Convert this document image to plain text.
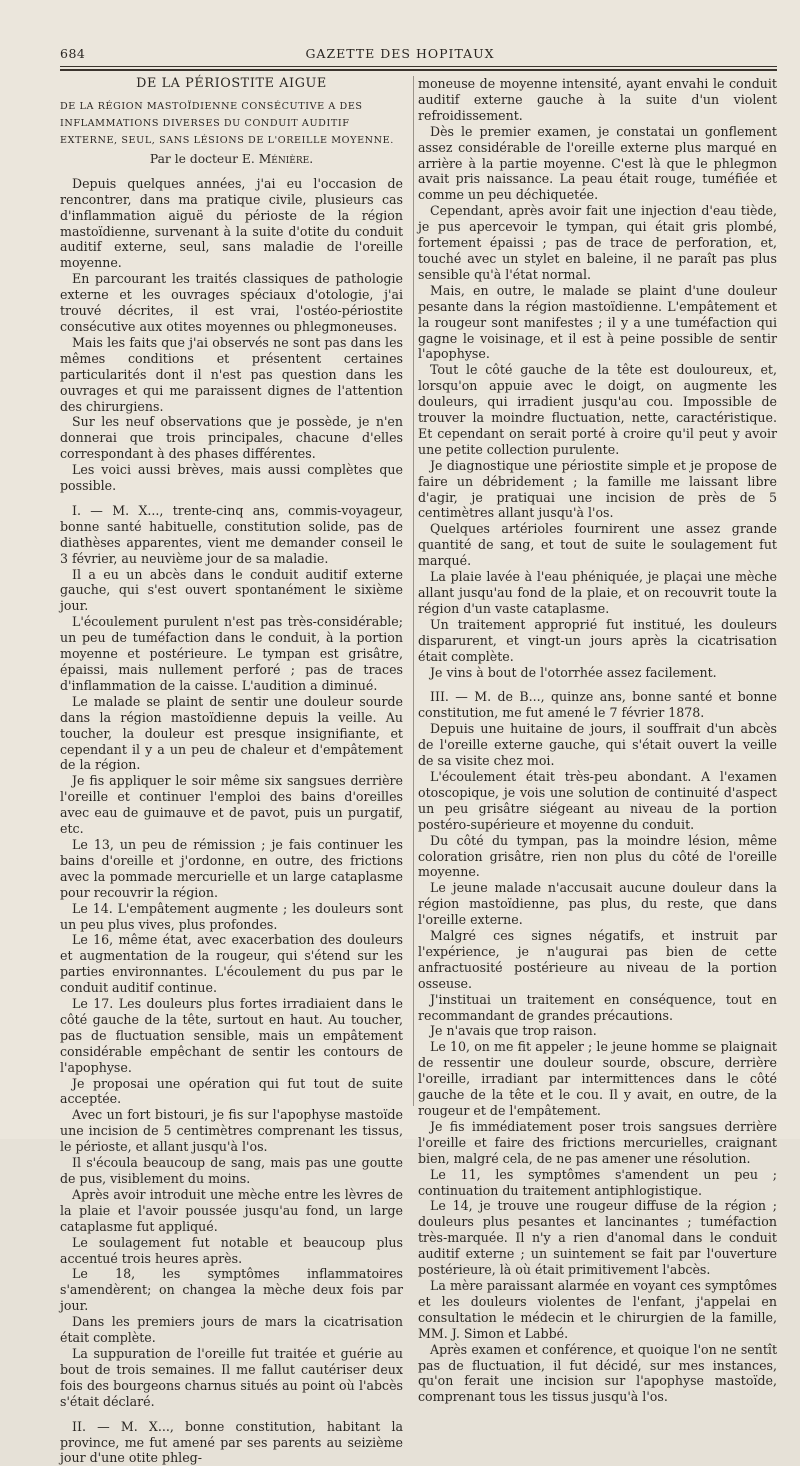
684	GAZETTE DES HOPITAUX
DE LA PÉRIOSTITE AIGUE
DE LA RÉGION MASTOÏDIENNE CONSÉCUTIVE A DES INFLAMMATIONS DIVERSES DU CONDUIT AUDITIF EXTERNE, SEUL, SANS LÉSIONS DE L'OREILLE MOYENNE.
Par le docteur E. Ménière.

Depuis quelques années, j'ai eu l'occasion de rencontrer, dans ma pratique civile, plusieurs cas d'inflammation aiguë du périoste de la région mastoïdienne, survenant à la suite d'otite du conduit auditif externe, seul, sans maladie de l'oreille moyenne.

En parcourant les traités classiques de pathologie externe et les ouvrages spéciaux d'otologie, j'ai trouvé décrites, il est vrai, l'ostéo-périostite consécutive aux otites moyennes ou phlegmoneuses.

Mais les faits que j'ai observés ne sont pas dans les mêmes conditions et présentent certaines particularités dont il n'est pas question dans les ouvrages et qui me paraissent dignes de l'attention des chirurgiens.

Sur les neuf observations que je possède, je n'en donnerai que trois principales, chacune d'elles correspondant à des phases différentes.

Les voici aussi brèves, mais aussi complètes que possible.

I. — M. X..., trente-cinq ans, commis-voyageur, bonne santé habituelle, constitution solide, pas de diathèses apparentes, vient me demander conseil le 3 février, au neuvième jour de sa maladie.

Il a eu un abcès dans le conduit auditif externe gauche, qui s'est ouvert spontanément le sixième jour.

L'écoulement purulent n'est pas très-considérable; un peu de tuméfaction dans le conduit, à la portion moyenne et postérieure. Le tympan est grisâtre, épaissi, mais nullement perforé ; pas de traces d'inflammation de la caisse. L'audition a diminué.

Le malade se plaint de sentir une douleur sourde dans la région mastoïdienne depuis la veille. Au toucher, la douleur est presque insignifiante, et cependant il y a un peu de chaleur et d'empâtement de la région.

Je fis appliquer le soir même six sangsues derrière l'oreille et continuer l'emploi des bains d'oreilles avec eau de guimauve et de pavot, puis un purgatif, etc.

Le 13, un peu de rémission ; je fais continuer les bains d'oreille et j'ordonne, en outre, des frictions avec la pommade mercurielle et un large cataplasme pour recouvrir la région.

Le 14. L'empâtement augmente ; les douleurs sont un peu plus vives, plus profondes.

Le 16, même état, avec exacerbation des douleurs et augmentation de la rougeur, qui s'étend sur les parties environnantes. L'écoulement du pus par le conduit auditif continue.

Le 17. Les douleurs plus fortes irradiaient dans le côté gauche de la tête, surtout en haut. Au toucher, pas de fluctuation sensible, mais un empâtement considérable empêchant de sentir les contours de l'apophyse.

Je proposai une opération qui fut tout de suite acceptée.

Avec un fort bistouri, je fis sur l'apophyse mastoïde une incision de 5 centimètres comprenant les tissus, le périoste, et allant jusqu'à l'os.

Il s'écoula beaucoup de sang, mais pas une goutte de pus, visiblement du moins.

Après avoir introduit une mèche entre les lèvres de la plaie et l'avoir poussée jusqu'au fond, un large cataplasme fut appliqué.

Le soulagement fut notable et beaucoup plus accentué trois heures après.

Le 18, les symptômes inflammatoires s'amendèrent; on changea la mèche deux fois par jour.

Dans les premiers jours de mars la cicatrisation était complète.

La suppuration de l'oreille fut traitée et guérie au bout de trois semaines. Il me fallut cautériser deux fois des bourgeons charnus situés au point où l'abcès s'était déclaré.

II. — M. X..., bonne constitution, habitant la province, me fut amené par ses parents au seizième jour d'une otite phleg-

moneuse de moyenne intensité, ayant envahi le conduit auditif externe gauche à la suite d'un violent refroidissement.

Dès le premier examen, je constatai un gonflement assez considérable de l'oreille externe plus marqué en arrière à la partie moyenne. C'est là que le phlegmon avait pris naissance. La peau était rouge, tuméfiée et comme un peu déchiquetée.

Cependant, après avoir fait une injection d'eau tiède, je pus apercevoir le tympan, qui était gris plombé, fortement épaissi ; pas de trace de perforation, et, touché avec un stylet en baleine, il ne paraît pas plus sensible qu'à l'état normal.

Mais, en outre, le malade se plaint d'une douleur pesante dans la région mastoïdienne. L'empâtement et la rougeur sont manifestes ; il y a une tuméfaction qui gagne le voisinage, et il est à peine possible de sentir l'apophyse.

Tout le côté gauche de la tête est douloureux, et, lorsqu'on appuie avec le doigt, on augmente les douleurs, qui irradient jusqu'au cou. Impossible de trouver la moindre fluctuation, nette, caractéristique. Et cependant on serait porté à croire qu'il peut y avoir une petite collection purulente.

Je diagnostique une périostite simple et je propose de faire un débridement ; la famille me laissant libre d'agir, je pratiquai une incision de près de 5 centimètres allant jusqu'à l'os.

Quelques artérioles fournirent une assez grande quantité de sang, et tout de suite le soulagement fut marqué.

La plaie lavée à l'eau phéniquée, je plaçai une mèche allant jusqu'au fond de la plaie, et on recouvrit toute la région d'un vaste cataplasme.

Un traitement approprié fut institué, les douleurs disparurent, et vingt-un jours après la cicatrisation était complète.

Je vins à bout de l'otorrhée assez facilement.

III. — M. de B..., quinze ans, bonne santé et bonne constitution, me fut amené le 7 février 1878.

Depuis une huitaine de jours, il souffrait d'un abcès de l'oreille externe gauche, qui s'était ouvert la veille de sa visite chez moi.

L'écoulement était très-peu abondant. A l'examen otoscopique, je vois une solution de continuité d'aspect un peu grisâtre siégeant au niveau de la portion postéro-supérieure et moyenne du conduit.

Du côté du tympan, pas la moindre lésion, même coloration grisâtre, rien non plus du côté de l'oreille moyenne.

Le jeune malade n'accusait aucune douleur dans la région mastoïdienne, pas plus, du reste, que dans l'oreille externe.

Malgré ces signes négatifs, et instruit par l'expérience, je n'augurai pas bien de cette anfractuosité postérieure au niveau de la portion osseuse.

J'instituai un traitement en conséquence, tout en recommandant de grandes précautions.

Je n'avais que trop raison.

Le 10, on me fit appeler ; le jeune homme se plaignait de ressentir une douleur sourde, obscure, derrière l'oreille, irradiant par intermittences dans le côté gauche de la tête et le cou. Il y avait, en outre, de la rougeur et de l'empâtement.

Je fis immédiatement poser trois sangsues derrière l'oreille et faire des frictions mercurielles, craignant bien, malgré cela, de ne pas amener une résolution.

Le 11, les symptômes s'amendent un peu ; continuation du traitement antiphlogistique.

Le 14, je trouve une rougeur diffuse de la région ; douleurs plus pesantes et lancinantes ; tuméfaction très-marquée. Il n'y a rien d'anomal dans le conduit auditif externe ; un suintement se fait par l'ouverture postérieure, là où était primitivement l'abcès.

La mère paraissant alarmée en voyant ces symptômes et les douleurs violentes de l'enfant, j'appelai en consultation le médecin et le chirurgien de la famille, MM. J. Simon et Labbé.

Après examen et conférence, et quoique l'on ne sentît pas de fluctuation, il fut décidé, sur mes instances, qu'on ferait une incision sur l'apophyse mastoïde, comprenant tous les tissus jusqu'à l'os.
